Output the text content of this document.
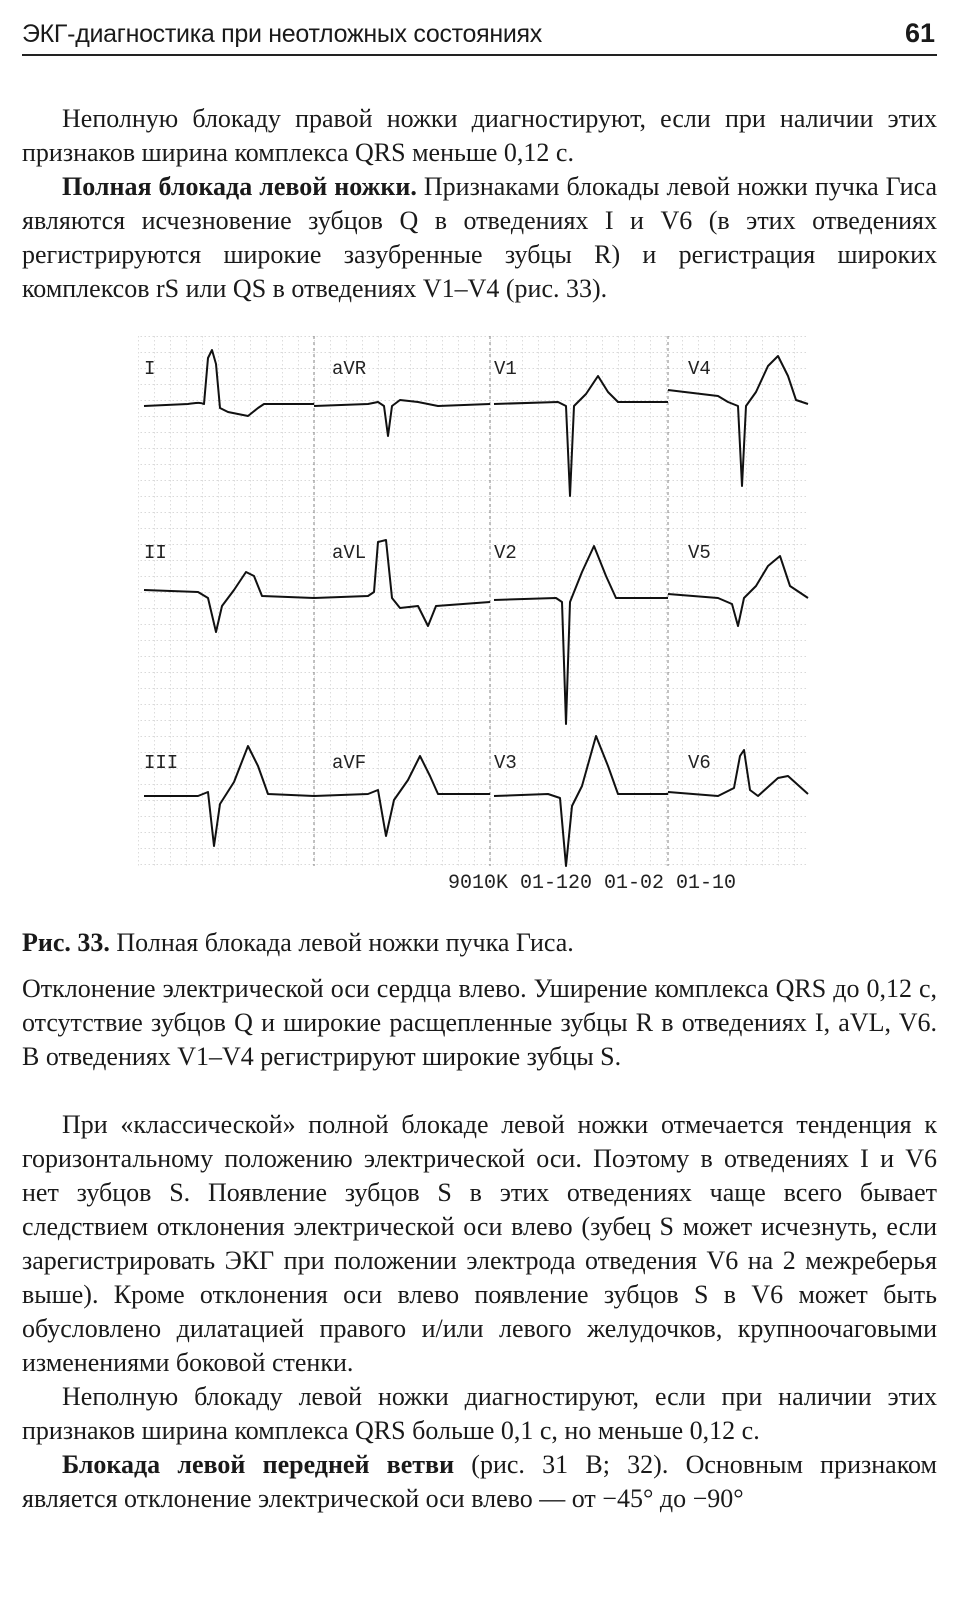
ЭКГ-диагностика при неотложных состояниях	61

Неполную блокаду правой ножки диагностируют, если при наличии этих признаков ширина комплекса QRS меньше 0,12 с.

Полная блокада левой ножки. Признаками блокады левой ножки пучка Гиса являются исчезновение зубцов Q в отведениях I и V6 (в этих отведениях регистрируются широкие зазубренные зубцы R) и регистрация широких комплексов rS или QS в отведениях V1–V4 (рис. 33).

I	aVR	V1	V4
II	aVL	V2	V5
III	aVF	V3	V6
9010K 01-120 01-02 01-10
Рис. 33. Полная блокада левой ножки пучка Гиса.
Отклонение электрической оси сердца влево. Уширение комплекса QRS до 0,12 с, отсутствие зубцов Q и широкие расщепленные зубцы R в отведениях I, aVL, V6. В отведениях V1–V4 регистрируют широкие зубцы S.

При «классической» полной блокаде левой ножки отмечается тенденция к горизонтальному положению электрической оси. Поэтому в отведениях I и V6 нет зубцов S. Появление зубцов S в этих отведениях чаще всего бывает следствием отклонения электрической оси влево (зубец S может исчезнуть, если зарегистрировать ЭКГ при положении электрода отведения V6 на 2 межреберья выше). Кроме отклонения оси влево появление зубцов S в V6 может быть обусловлено дилатацией правого и/или левого желудочков, крупноочаговыми изменениями боковой стенки.

Неполную блокаду левой ножки диагностируют, если при наличии этих признаков ширина комплекса QRS больше 0,1 с, но меньше 0,12 с.

Блокада левой передней ветви (рис. 31 В; 32). Основным признаком является отклонение электрической оси влево — от −45° до −90°
